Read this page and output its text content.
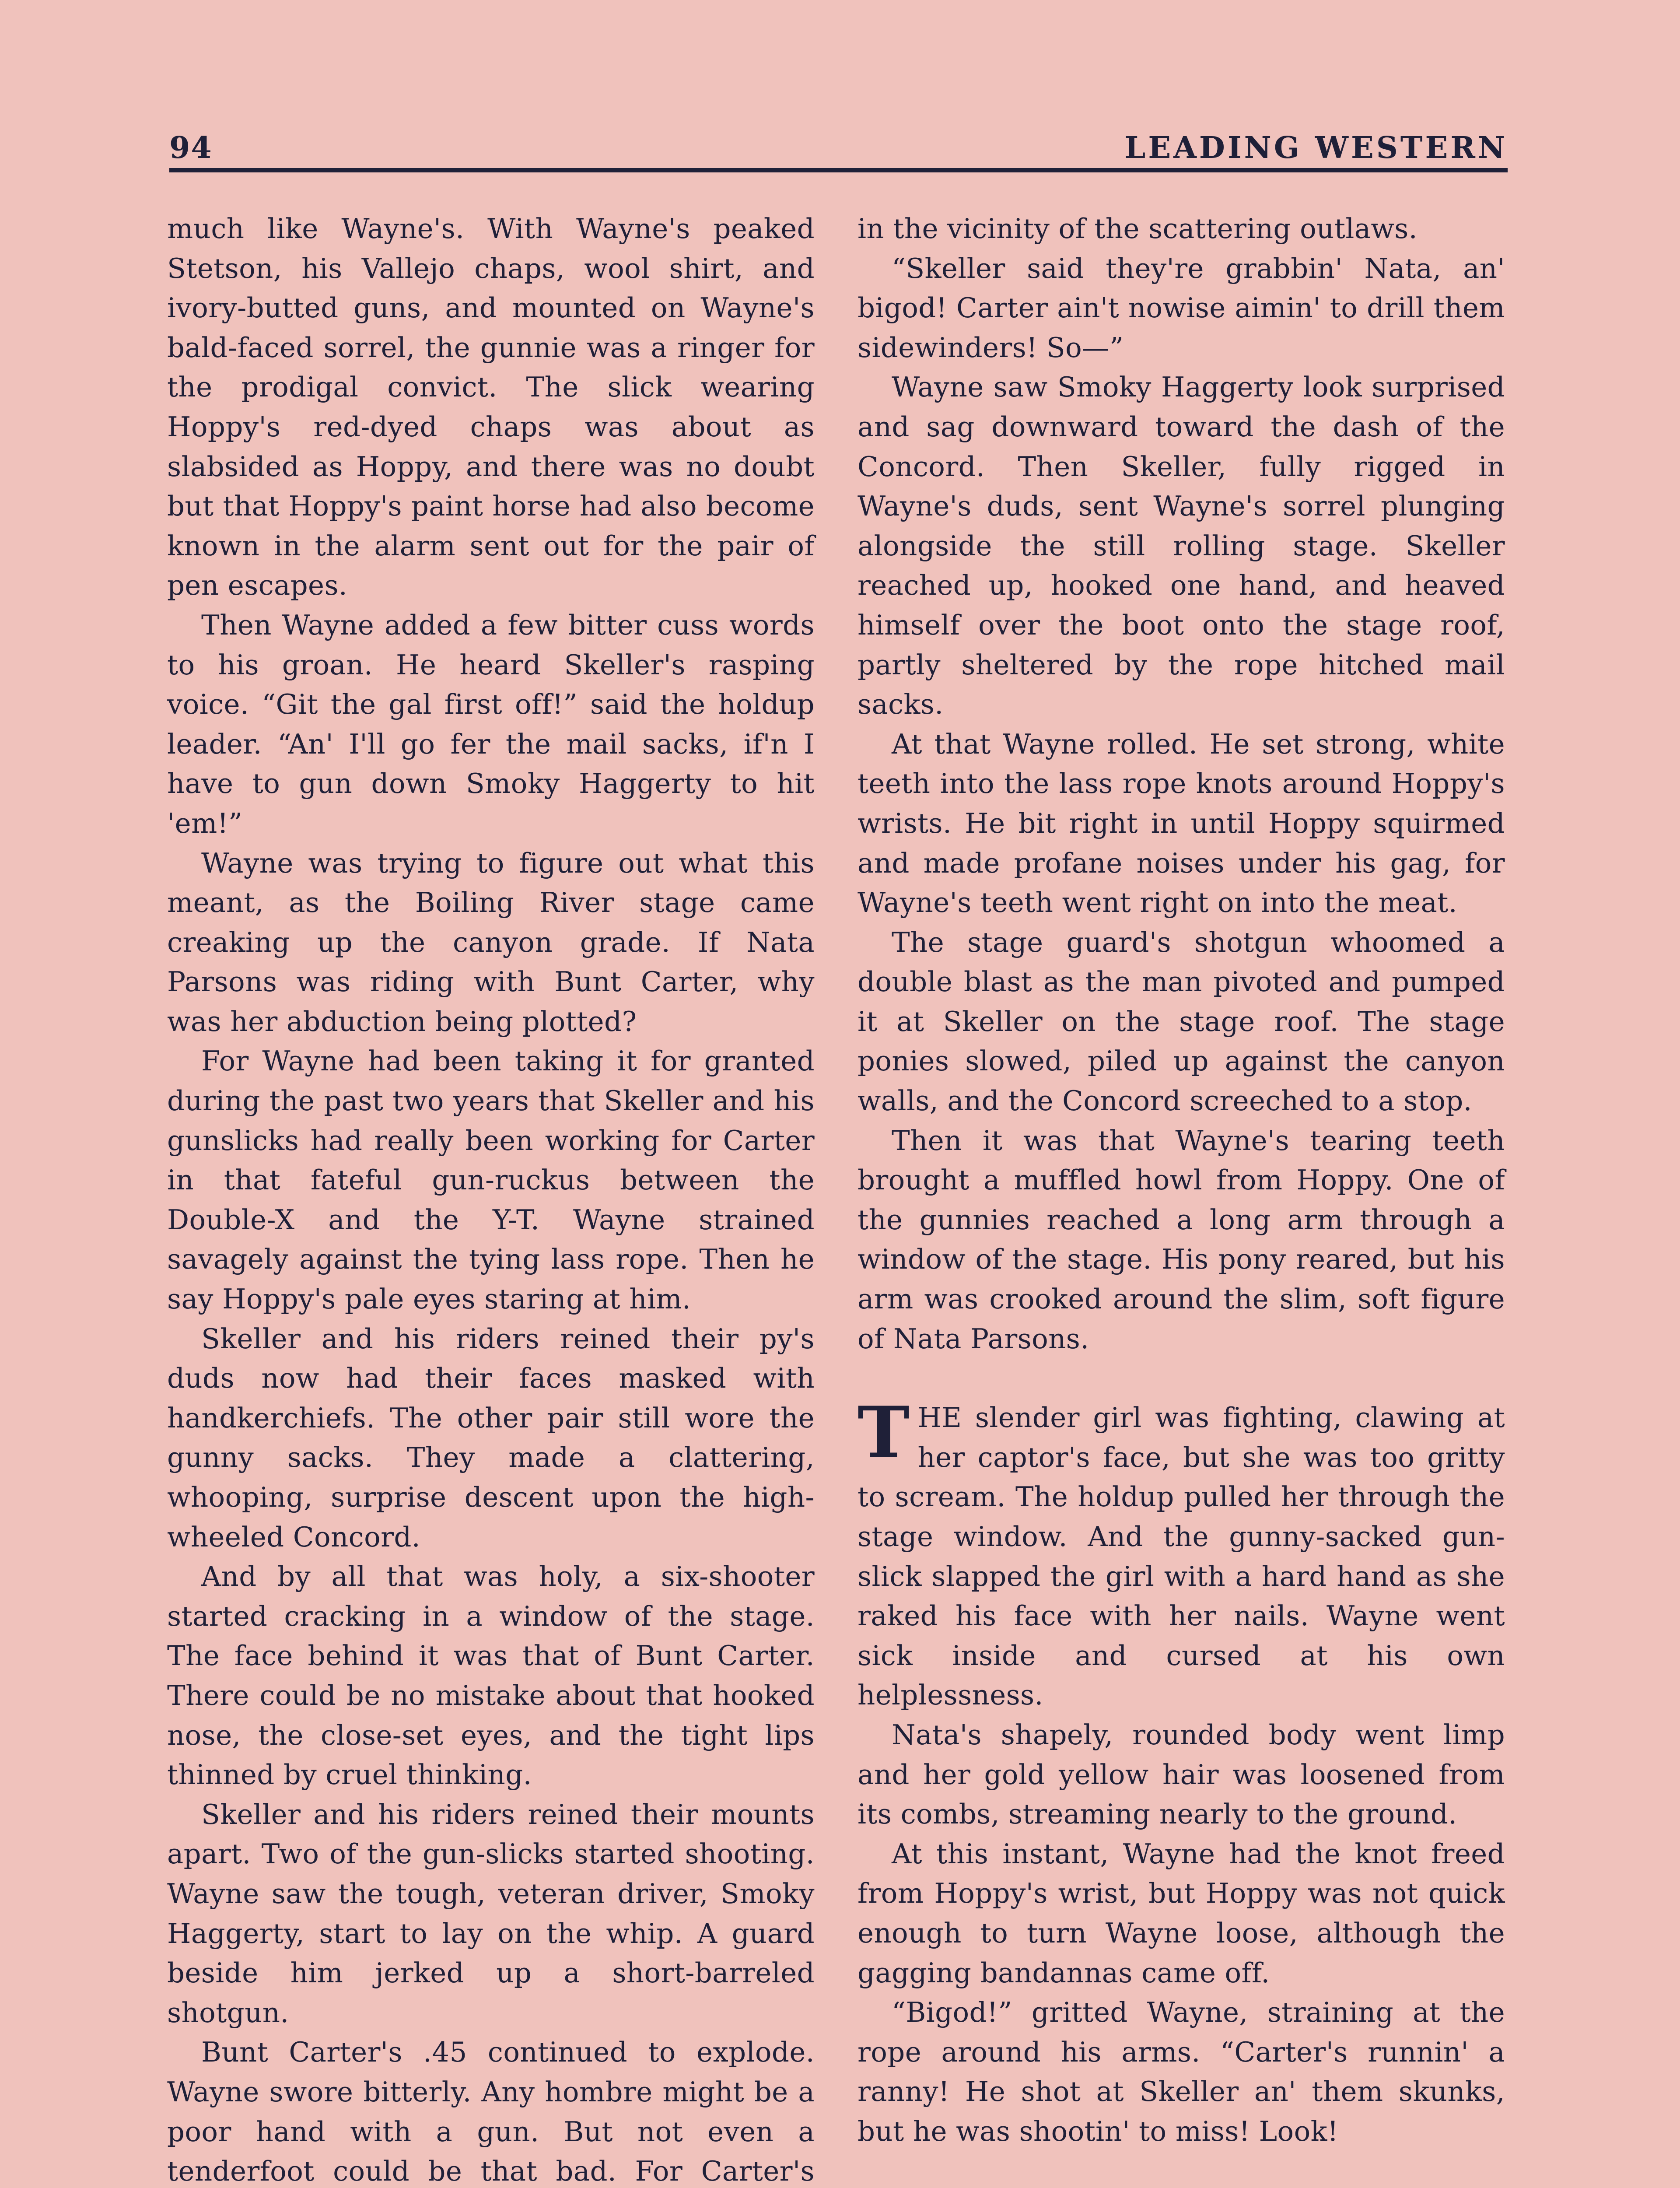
94	LEADING WESTERN

much like Wayne's. With Wayne's peaked Stetson, his Vallejo chaps, wool shirt, and ivory-butted guns, and mounted on Wayne's bald-faced sorrel, the gunnie was a ringer for the prodigal convict. The slick wearing Hoppy's red-dyed chaps was about as slabsided as Hoppy, and there was no doubt but that Hoppy's paint horse had also become known in the alarm sent out for the pair of pen escapes.

Then Wayne added a few bitter cuss words to his groan. He heard Skeller's rasping voice. “Git the gal first off!” said the holdup leader. “An' I'll go fer the mail sacks, if'n I have to gun down Smoky Haggerty to hit 'em!”

Wayne was trying to figure out what this meant, as the Boiling River stage came creaking up the canyon grade. If Nata Parsons was riding with Bunt Carter, why was her abduction being plotted?

For Wayne had been taking it for granted during the past two years that Skeller and his gunslicks had really been working for Carter in that fateful gun-ruckus between the Double-X and the Y-T. Wayne strained savagely against the tying lass rope. Then he say Hoppy's pale eyes staring at him.

Skeller and his riders reined their py's duds now had their faces masked with handkerchiefs. The other pair still wore the gunny sacks. They made a clattering, whooping, surprise descent upon the high-wheeled Concord.

And by all that was holy, a six-shooter started cracking in a window of the stage. The face behind it was that of Bunt Carter. There could be no mistake about that hooked nose, the close-set eyes, and the tight lips thinned by cruel thinking.

Skeller and his riders reined their mounts apart. Two of the gun-slicks started shooting. Wayne saw the tough, veteran driver, Smoky Haggerty, start to lay on the whip. A guard beside him jerked up a short-barreled shotgun.

Bunt Carter's .45 continued to explode. Wayne swore bitterly. Any hombre might be a poor hand with a gun. But not even a tenderfoot could be that bad. For Carter's

in the vicinity of the scattering outlaws.

“Skeller said they're grabbin' Nata, an' bigod! Carter ain't nowise aimin' to drill them sidewinders! So—”

Wayne saw Smoky Haggerty look surprised and sag downward toward the dash of the Concord. Then Skeller, fully rigged in Wayne's duds, sent Wayne's sorrel plunging alongside the still rolling stage. Skeller reached up, hooked one hand, and heaved himself over the boot onto the stage roof, partly sheltered by the rope hitched mail sacks.

At that Wayne rolled. He set strong, white teeth into the lass rope knots around Hoppy's wrists. He bit right in until Hoppy squirmed and made profane noises under his gag, for Wayne's teeth went right on into the meat.

The stage guard's shotgun whoomed a double blast as the man pivoted and pumped it at Skeller on the stage roof. The stage ponies slowed, piled up against the canyon walls, and the Concord screeched to a stop.

Then it was that Wayne's tearing teeth brought a muffled howl from Hoppy. One of the gunnies reached a long arm through a window of the stage. His pony reared, but his arm was crooked around the slim, soft figure of Nata Parsons.

THE slender girl was fighting, clawing at her captor's face, but she was too gritty to scream. The holdup pulled her through the stage window. And the gunny-sacked gun-slick slapped the girl with a hard hand as she raked his face with her nails. Wayne went sick inside and cursed at his own helplessness.

Nata's shapely, rounded body went limp and her gold yellow hair was loosened from its combs, streaming nearly to the ground.

At this instant, Wayne had the knot freed from Hoppy's wrist, but Hoppy was not quick enough to turn Wayne loose, although the gagging bandannas came off.

“Bigod!” gritted Wayne, straining at the rope around his arms. “Carter's runnin' a ranny! He shot at Skeller an' them skunks, but he was shootin' to miss! Look!
